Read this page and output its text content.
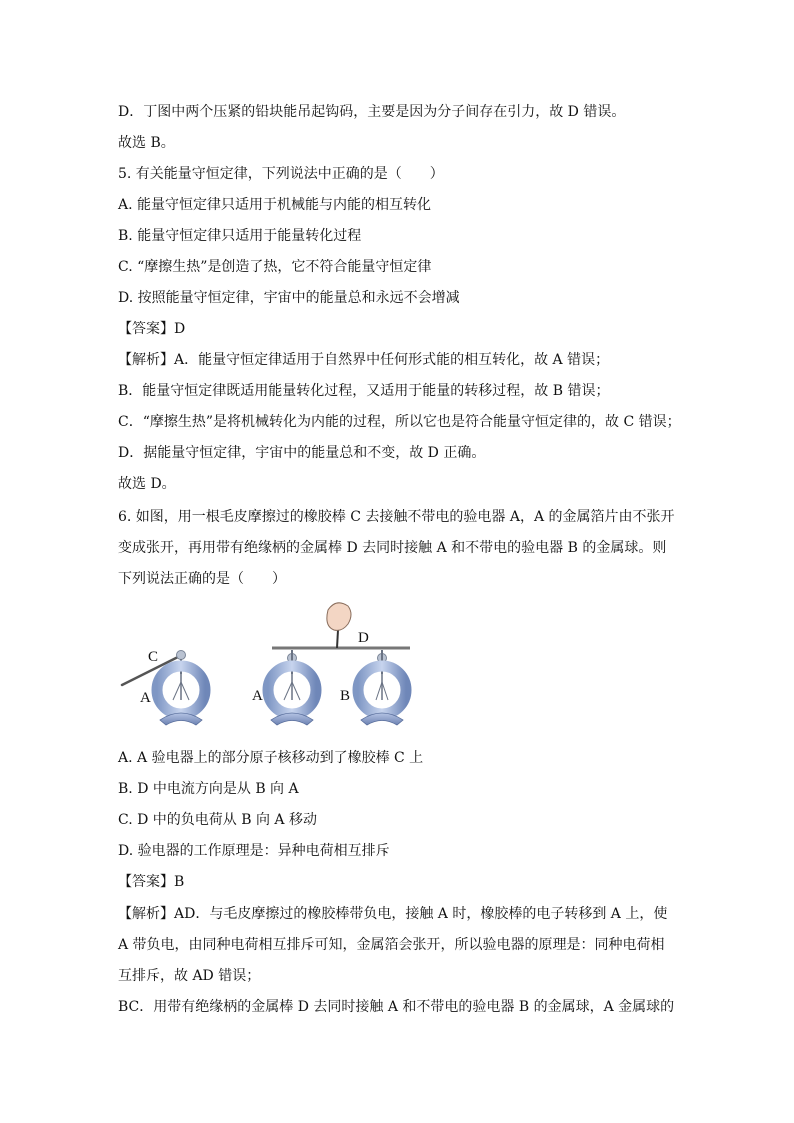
D．丁图中两个压紧的铅块能吊起钩码，主要是因为分子间存在引力，故 D 错误。
故选 B。
5. 有关能量守恒定律，下列说法中正确的是（　　）
A. 能量守恒定律只适用于机械能与内能的相互转化
B. 能量守恒定律只适用于能量转化过程
C. “摩擦生热”是创造了热，它不符合能量守恒定律
D. 按照能量守恒定律，宇宙中的能量总和永远不会增减
【答案】D
【解析】A．能量守恒定律适用于自然界中任何形式能的相互转化，故 A 错误；
B．能量守恒定律既适用能量转化过程，又适用于能量的转移过程，故 B 错误；
C．“摩擦生热”是将机械转化为内能的过程，所以它也是符合能量守恒定律的，故 C 错误；
D．据能量守恒定律，宇宙中的能量总和不变，故 D 正确。
故选 D。
6. 如图，用一根毛皮摩擦过的橡胶棒 C 去接触不带电的验电器 A，A 的金属箔片由不张开
变成张开，再用带有绝缘柄的金属棒 D 去同时接触 A 和不带电的验电器 B 的金属球。则
下列说法正确的是（　　）
C
A
D
A	B
A. A 验电器上的部分原子核移动到了橡胶棒 C 上
B. D 中电流方向是从 B 向 A
C. D 中的负电荷从 B 向 A 移动
D. 验电器的工作原理是：异种电荷相互排斥
【答案】B
【解析】AD．与毛皮摩擦过的橡胶棒带负电，接触 A 时，橡胶棒的电子转移到 A 上，使
A 带负电，由同种电荷相互排斥可知，金属箔会张开，所以验电器的原理是：同种电荷相
互排斥，故 AD 错误；
BC．用带有绝缘柄的金属棒 D 去同时接触 A 和不带电的验电器 B 的金属球，A 金属球的
